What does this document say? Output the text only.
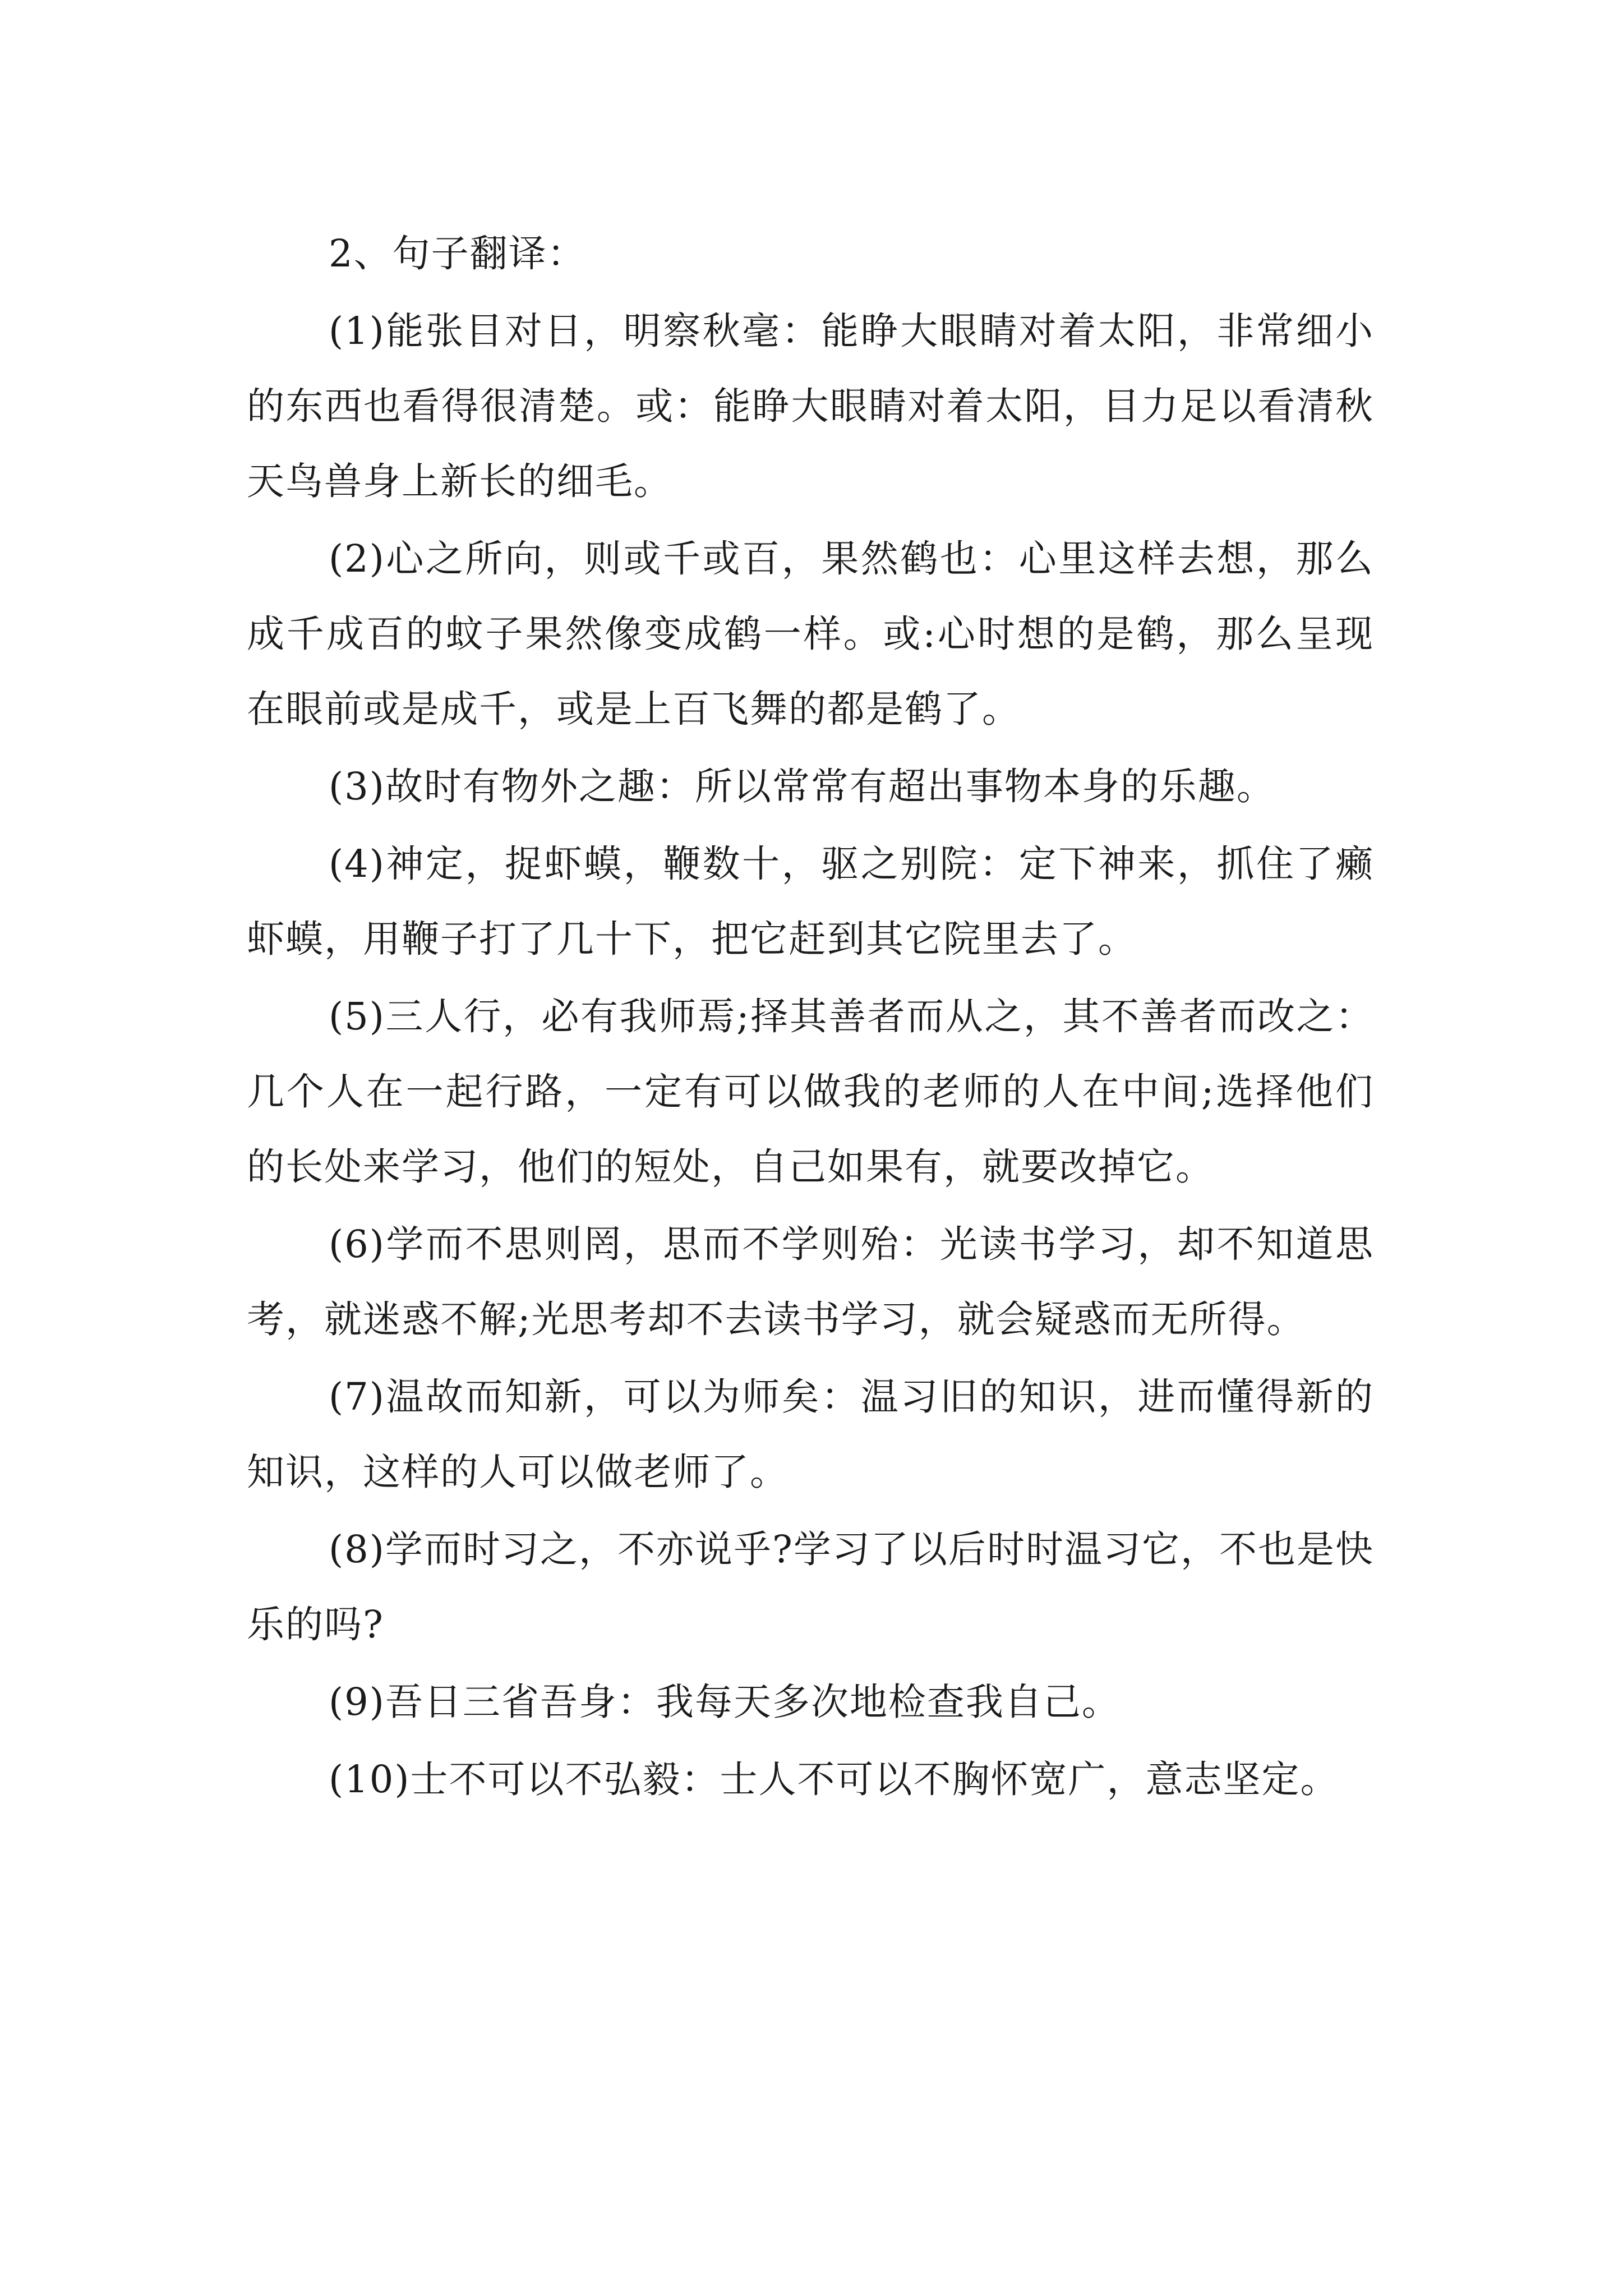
2、句子翻译：

(1)能张目对日，明察秋毫：能睁大眼睛对着太阳，非常细小的东西也看得很清楚。或：能睁大眼睛对着太阳，目力足以看清秋天鸟兽身上新长的细毛。

(2)心之所向，则或千或百，果然鹤也：心里这样去想，那么成千成百的蚊子果然像变成鹤一样。或:心时想的是鹤，那么呈现在眼前或是成千，或是上百飞舞的都是鹤了。

(3)故时有物外之趣：所以常常有超出事物本身的乐趣。

(4)神定，捉虾蟆，鞭数十，驱之别院：定下神来，抓住了癞虾蟆，用鞭子打了几十下，把它赶到其它院里去了。

(5)三人行，必有我师焉;择其善者而从之，其不善者而改之：几个人在一起行路，一定有可以做我的老师的人在中间;选择他们的长处来学习，他们的短处，自己如果有，就要改掉它。

(6)学而不思则罔，思而不学则殆：光读书学习，却不知道思考，就迷惑不解;光思考却不去读书学习，就会疑惑而无所得。

(7)温故而知新，可以为师矣：温习旧的知识，进而懂得新的知识，这样的人可以做老师了。

(8)学而时习之，不亦说乎?学习了以后时时温习它，不也是快乐的吗?

(9)吾日三省吾身：我每天多次地检查我自己。

(10)士不可以不弘毅：士人不可以不胸怀宽广，意志坚定。
